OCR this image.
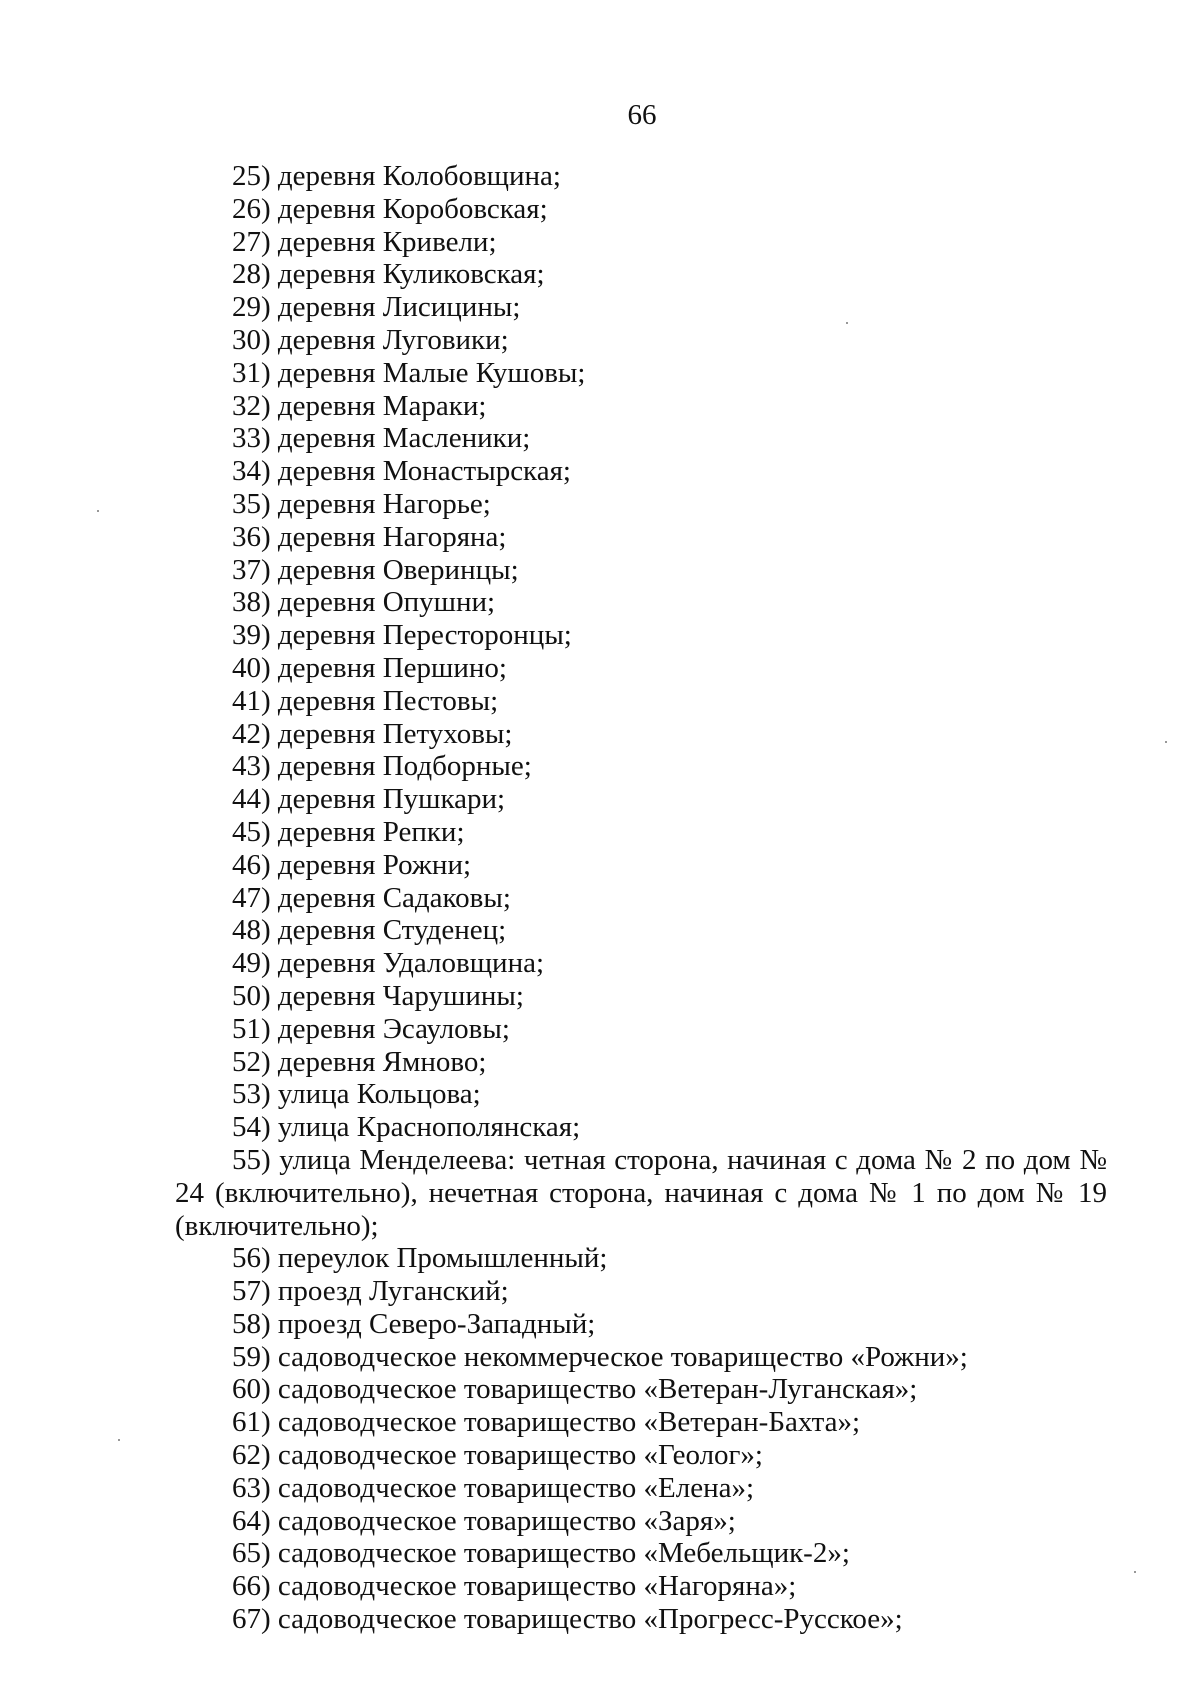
66
25) деревня Колобовщина;
26) деревня Коробовская;
27) деревня Кривели;
28) деревня Куликовская;
29) деревня Лисицины;
30) деревня Луговики;
31) деревня Малые Кушовы;
32) деревня Мараки;
33) деревня Масленики;
34) деревня Монастырская;
35) деревня Нагорье;
36) деревня Нагоряна;
37) деревня Оверинцы;
38) деревня Опушни;
39) деревня Пересторонцы;
40) деревня Першино;
41) деревня Пестовы;
42) деревня Петуховы;
43) деревня Подборные;
44) деревня Пушкари;
45) деревня Репки;
46) деревня Рожни;
47) деревня Садаковы;
48) деревня Студенец;
49) деревня Удаловщина;
50) деревня Чарушины;
51) деревня Эсауловы;
52) деревня Ямново;
53) улица Кольцова;
54) улица Краснополянская;
55) улица Менделеева: четная сторона, начиная с дома № 2 по дом № 24 (включительно), нечетная сторона, начиная с дома № 1 по дом № 19 (включительно);
56) переулок Промышленный;
57) проезд Луганский;
58) проезд Северо-Западный;
59) садоводческое некоммерческое товарищество «Рожни»;
60) садоводческое товарищество «Ветеран-Луганская»;
61) садоводческое товарищество «Ветеран-Бахта»;
62) садоводческое товарищество «Геолог»;
63) садоводческое товарищество «Елена»;
64) садоводческое товарищество «Заря»;
65) садоводческое товарищество «Мебельщик-2»;
66) садоводческое товарищество «Нагоряна»;
67) садоводческое товарищество «Прогресс-Русское»;
